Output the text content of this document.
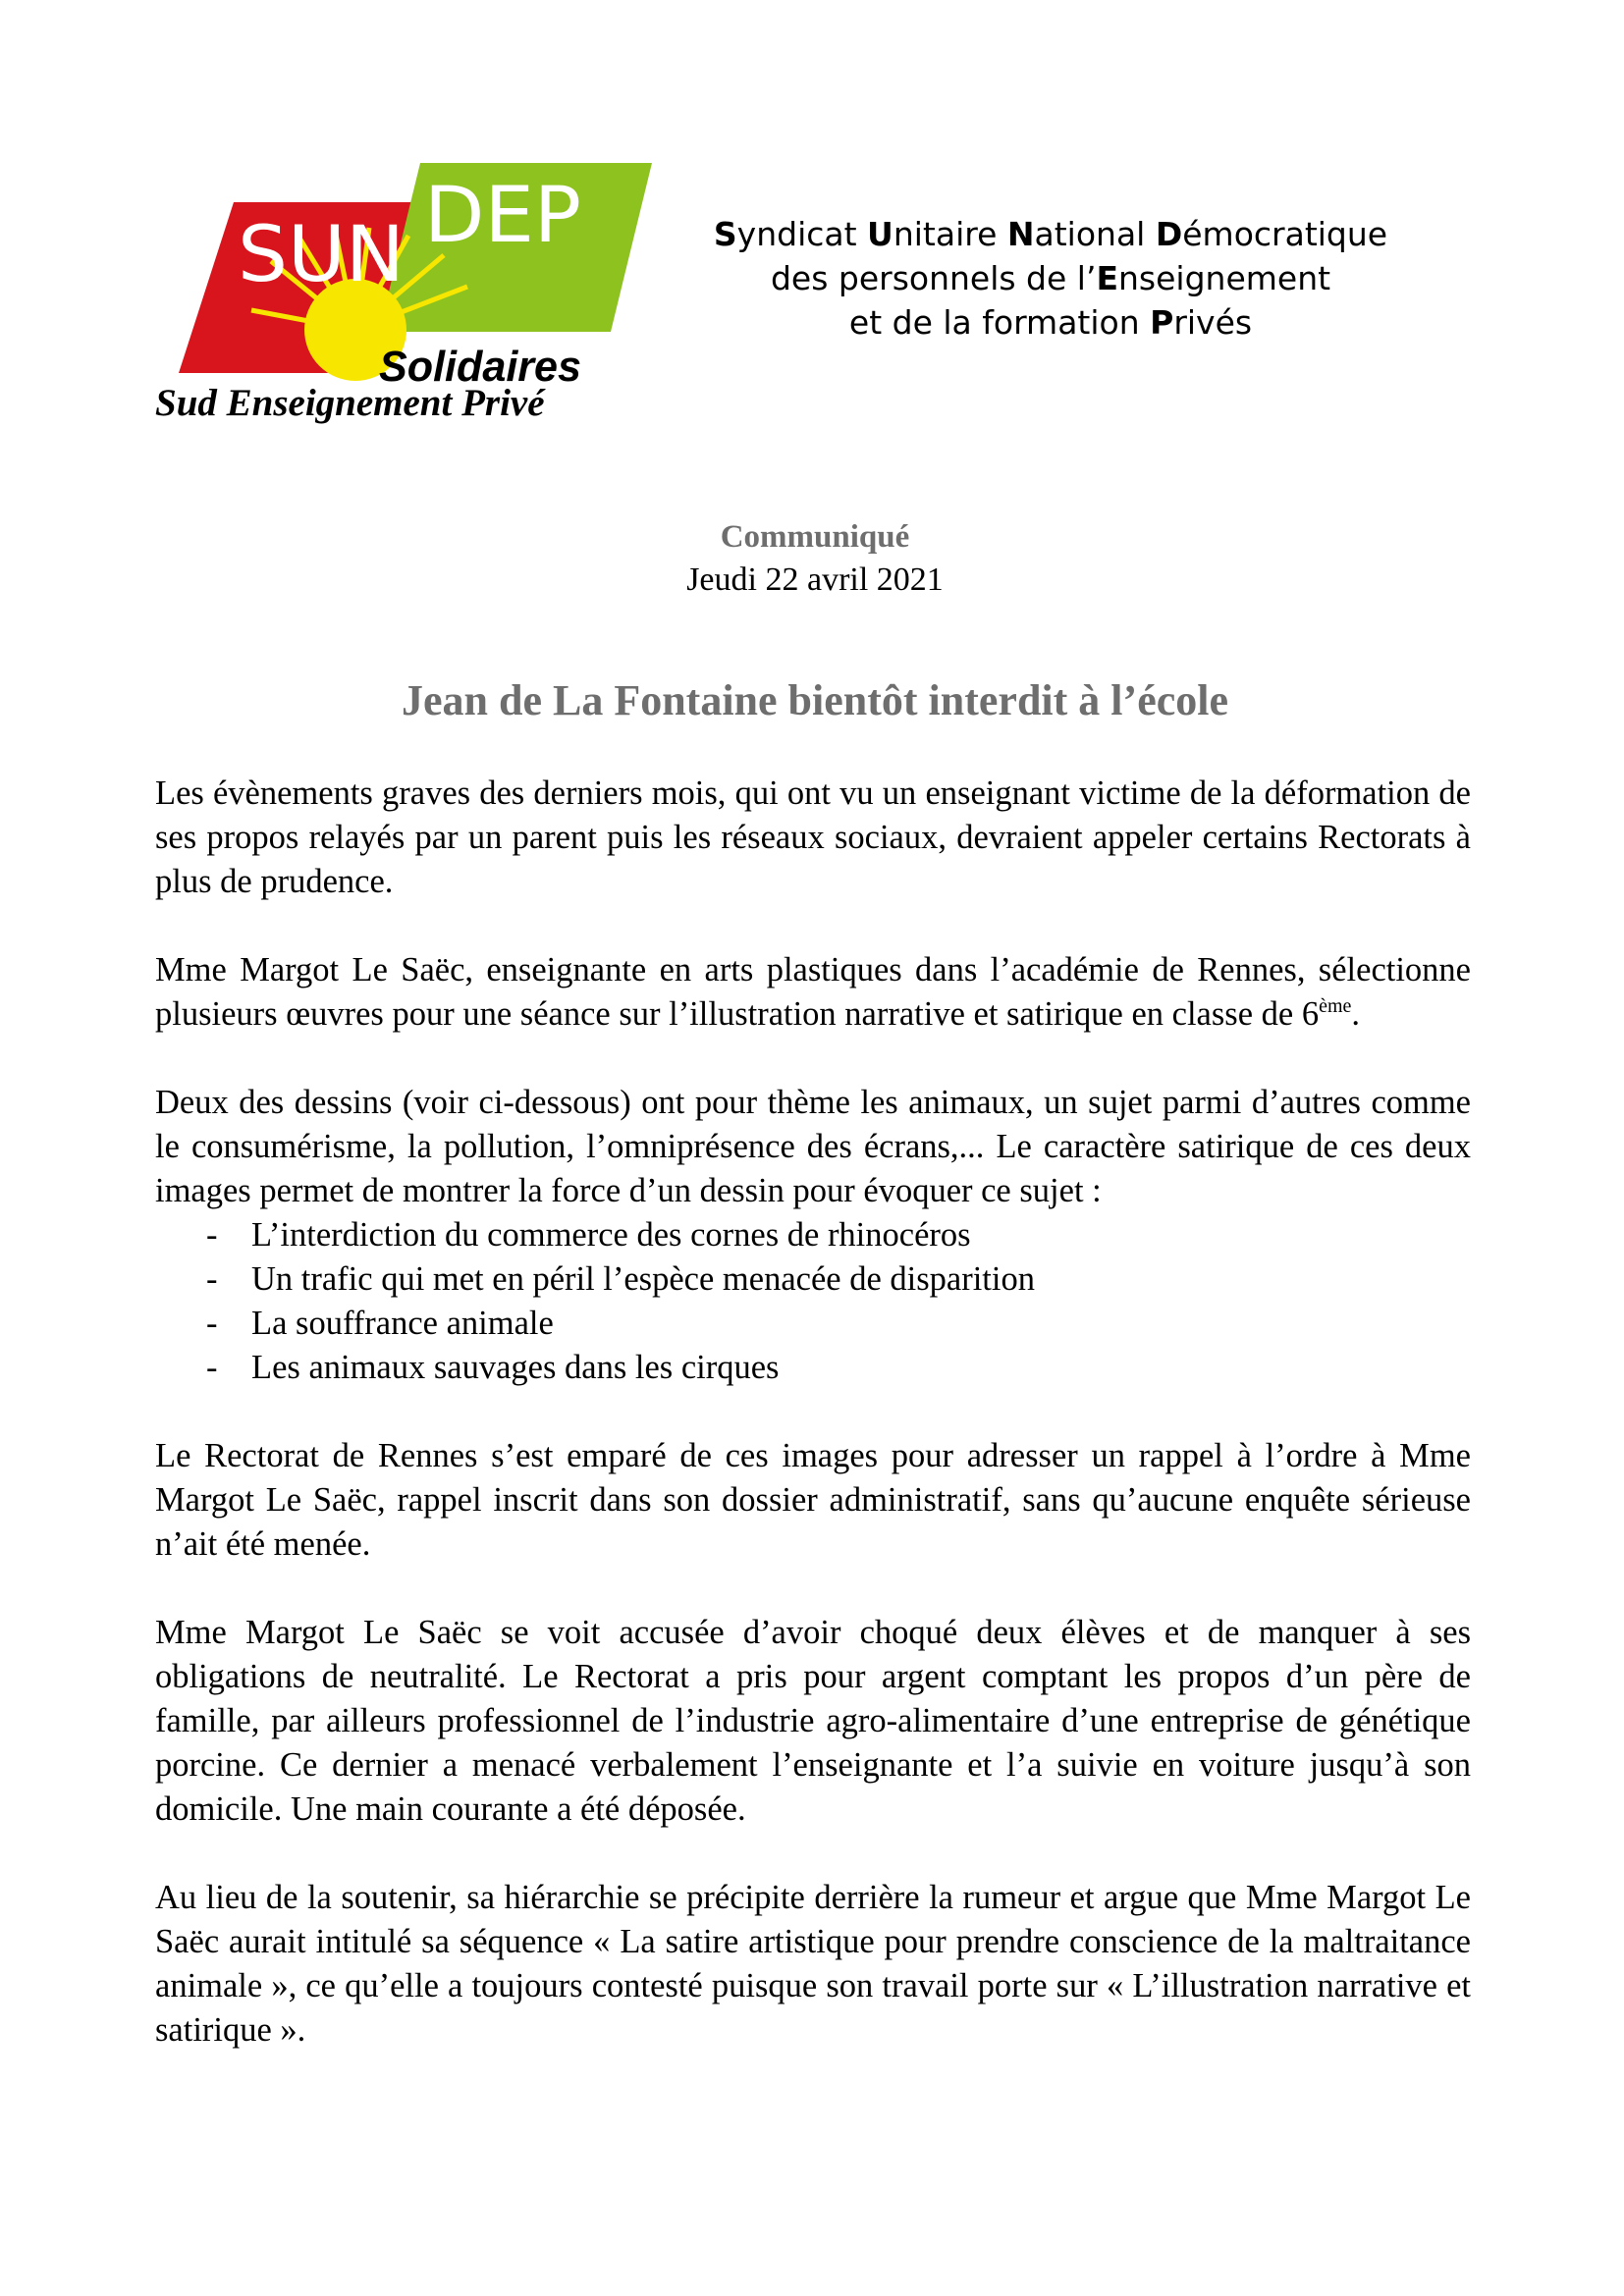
SUN DEP
Solidaires
Sud Enseignement Privé
Syndicat Unitaire National Démocratique
des personnels de l’Enseignement
et de la formation Privés
Communiqué
Jeudi 22 avril 2021
Jean de La Fontaine bientôt interdit à l’école

Les évènements graves des derniers mois, qui ont vu un enseignant victime de la déformation de ses propos relayés par un parent puis les réseaux sociaux, devraient appeler certains Rectorats à plus de prudence.

Mme Margot Le Saëc, enseignante en arts plastiques dans l’académie de Rennes, sélectionne plusieurs œuvres pour une séance sur l’illustration narrative et satirique en classe de 6ème.

Deux des dessins (voir ci-dessous) ont pour thème les animaux, un sujet parmi d’autres comme le consumérisme, la pollution, l’omniprésence des écrans,... Le caractère satirique de ces deux images permet de montrer la force d’un dessin pour évoquer ce sujet :

- L’interdiction du commerce des cornes de rhinocéros
- Un trafic qui met en péril l’espèce menacée de disparition
- La souffrance animale
- Les animaux sauvages dans les cirques

Le Rectorat de Rennes s’est emparé de ces images pour adresser un rappel à l’ordre à Mme Margot Le Saëc, rappel inscrit dans son dossier administratif, sans qu’aucune enquête sérieuse n’ait été menée.

Mme Margot Le Saëc se voit accusée d’avoir choqué deux élèves et de manquer à ses obligations de neutralité. Le Rectorat a pris pour argent comptant les propos d’un père de famille, par ailleurs professionnel de l’industrie agro-alimentaire d’une entreprise de génétique porcine. Ce dernier a menacé verbalement l’enseignante et l’a suivie en voiture jusqu’à son domicile. Une main courante a été déposée.

Au lieu de la soutenir, sa hiérarchie se précipite derrière la rumeur et argue que Mme Margot Le Saëc aurait intitulé sa séquence « La satire artistique pour prendre conscience de la maltraitance animale », ce qu’elle a toujours contesté puisque son travail porte sur « L’illustration narrative et satirique ».
